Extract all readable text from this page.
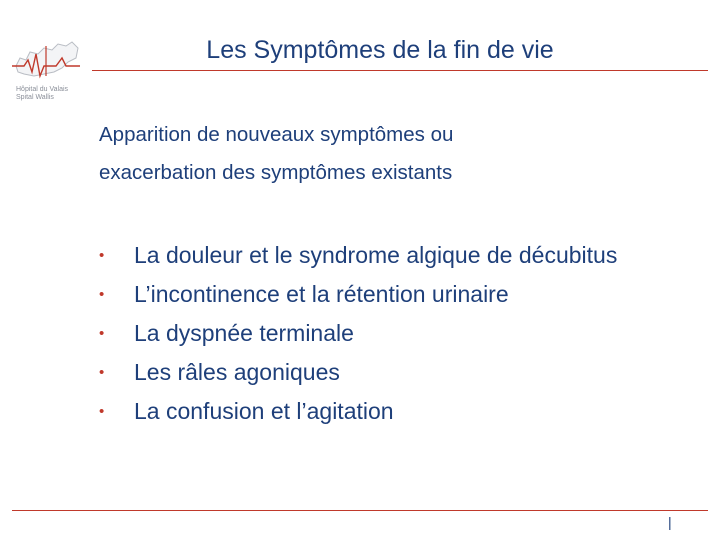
Hôpital du Valais
Spital Wallis
Les Symptômes de la fin de vie
Apparition de nouveaux symptômes ou
exacerbation des symptômes existants
• La douleur et le syndrome algique de décubitus
• L’incontinence et la rétention urinaire
• La dyspnée terminale
• Les râles agoniques
• La confusion et l’agitation
|
